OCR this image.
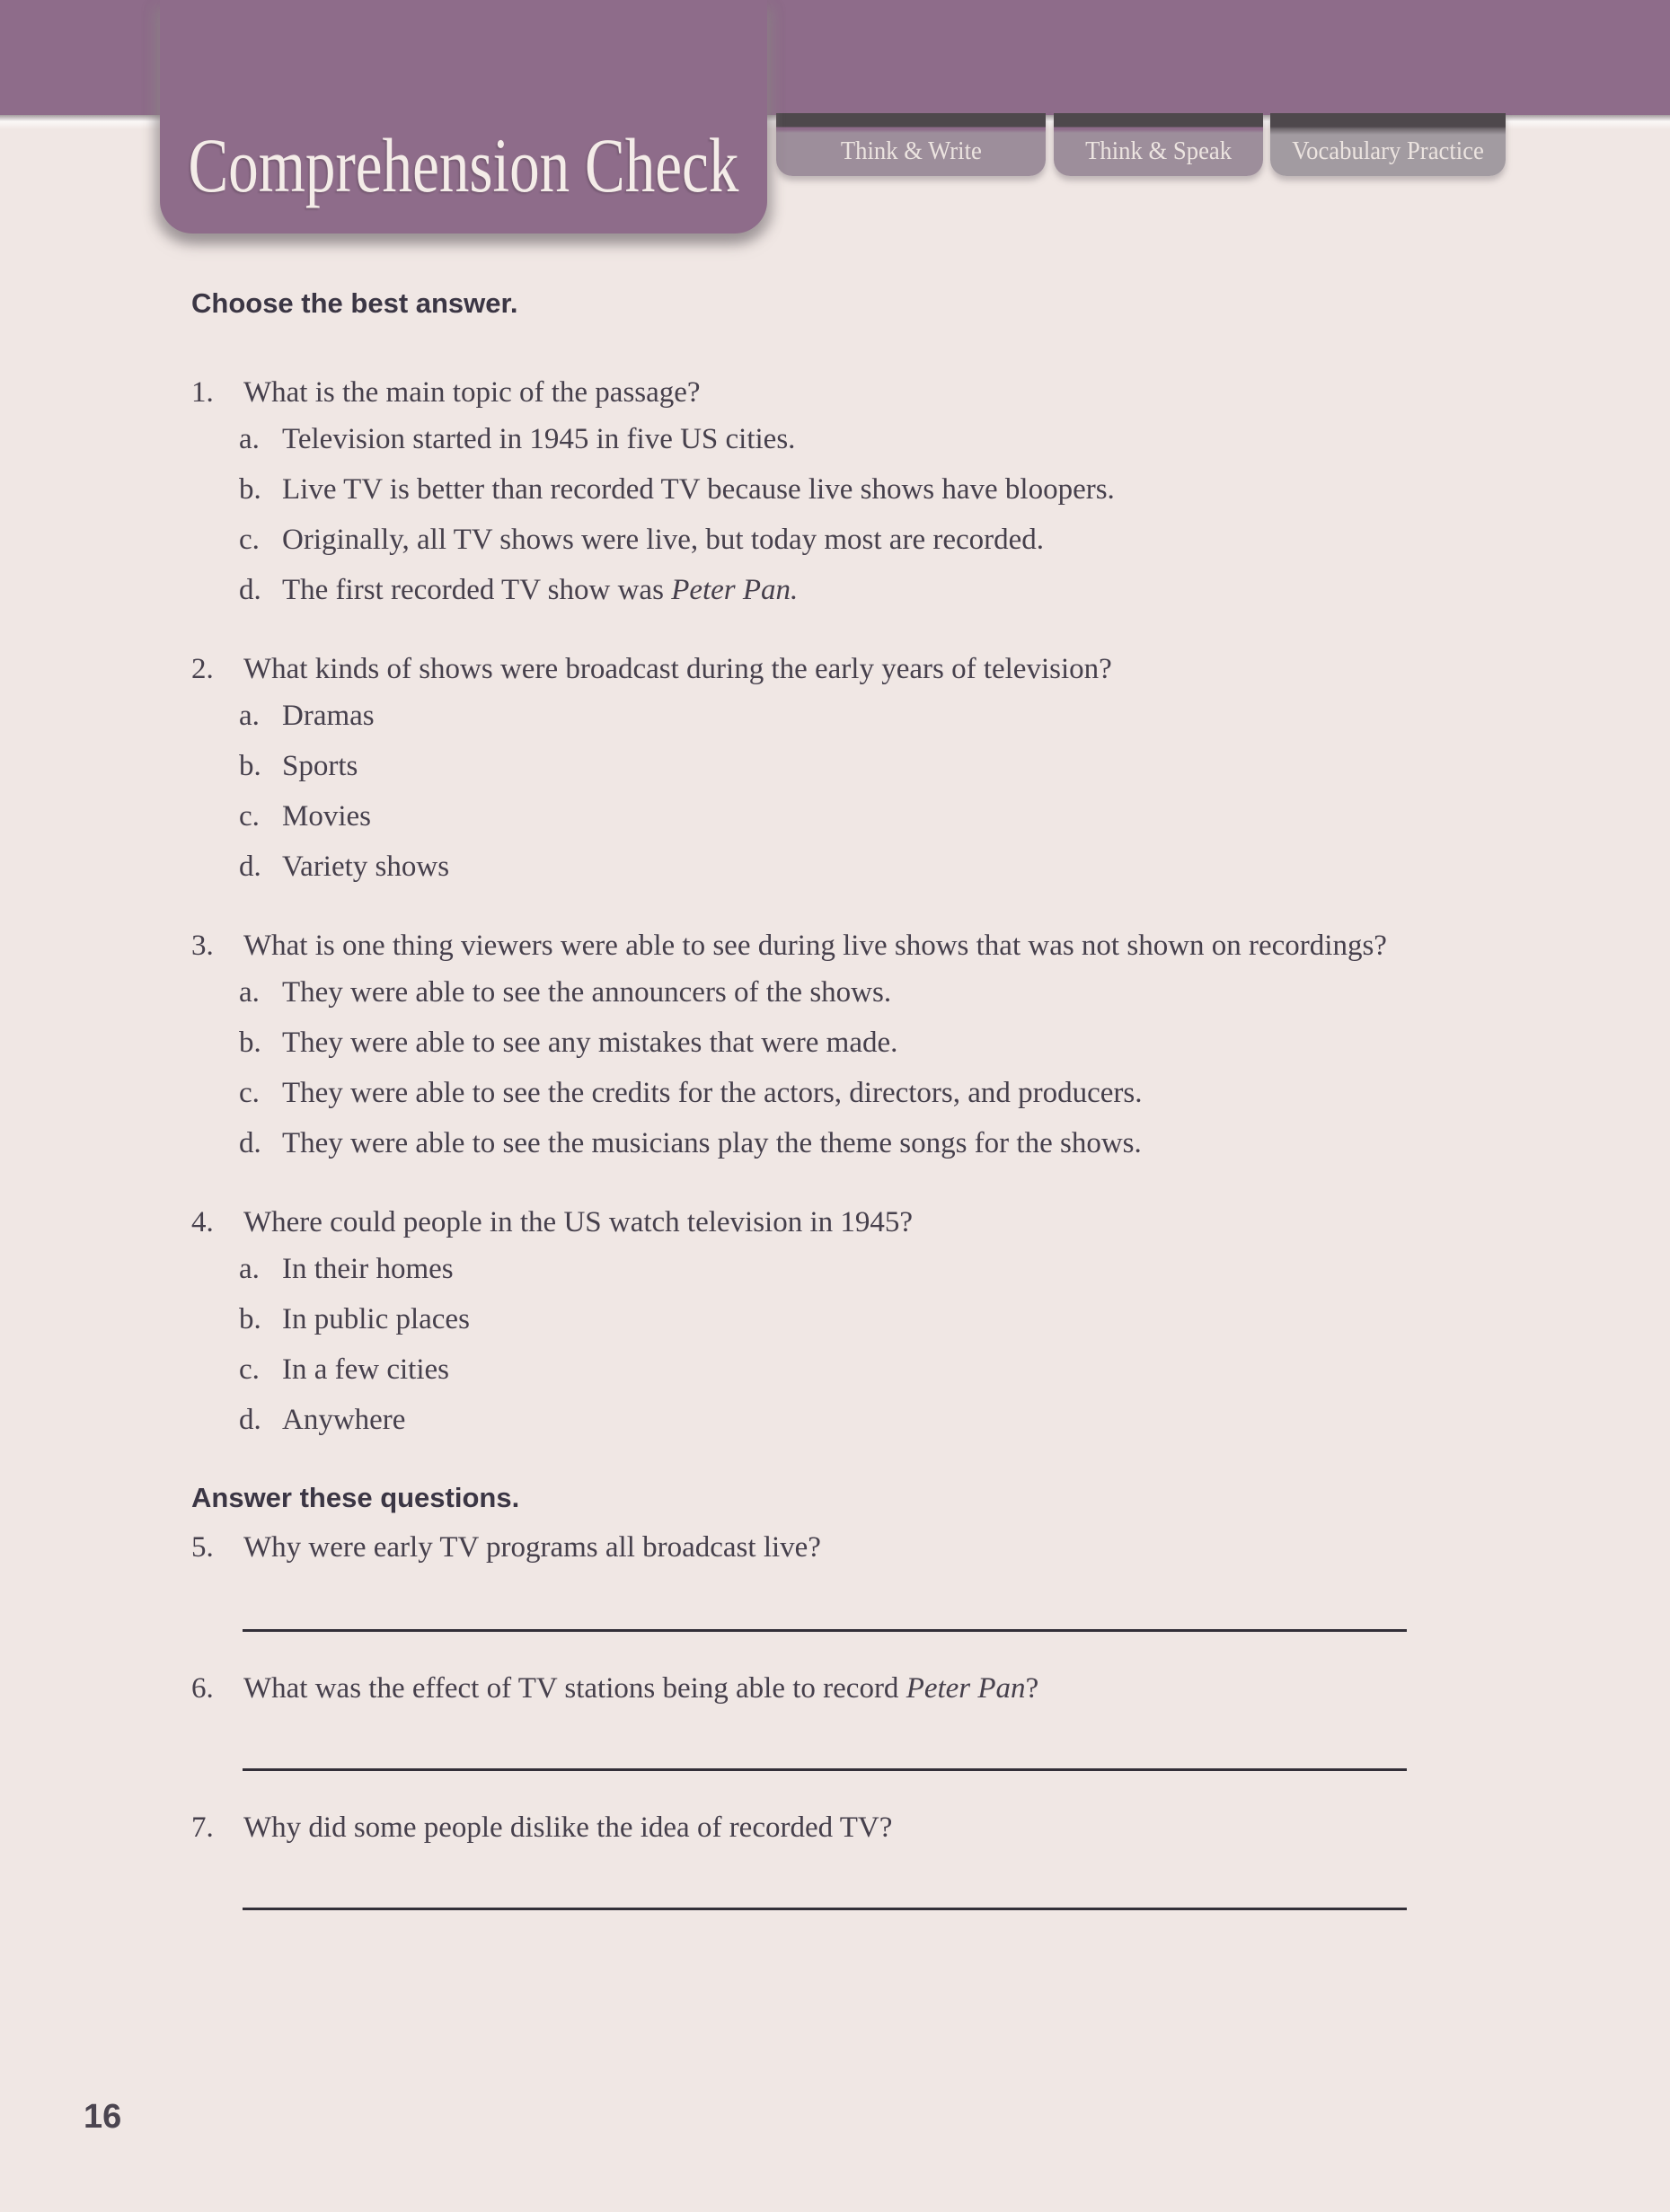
Comprehension Check	Think & Write	Think & Speak Vocabulary Practice
Choose the best answer.
1.	What is the main topic of the passage?
a. Television started in 1945 in five US cities.
b. Live TV is better than recorded TV because live shows have bloopers.
c. Originally, all TV shows were live, but today most are recorded.
d. The first recorded TV show was Peter Pan.
2.	What kinds of shows were broadcast during the early years of television?
a. Dramas
b. Sports
c. Movies
d. Variety shows
3.	What is one thing viewers were able to see during live shows that was not shown on recordings?
a. They were able to see the announcers of the shows.
b. They were able to see any mistakes that were made.
c. They were able to see the credits for the actors, directors, and producers.
d. They were able to see the musicians play the theme songs for the shows.
4.	Where could people in the US watch television in 1945?
a. In their homes
b. In public places
c. In a few cities
d. Anywhere
Answer these questions.
5.	Why were early TV programs all broadcast live?
6.	What was the effect of TV stations being able to record Peter Pan?
7.	Why did some people dislike the idea of recorded TV?
16
